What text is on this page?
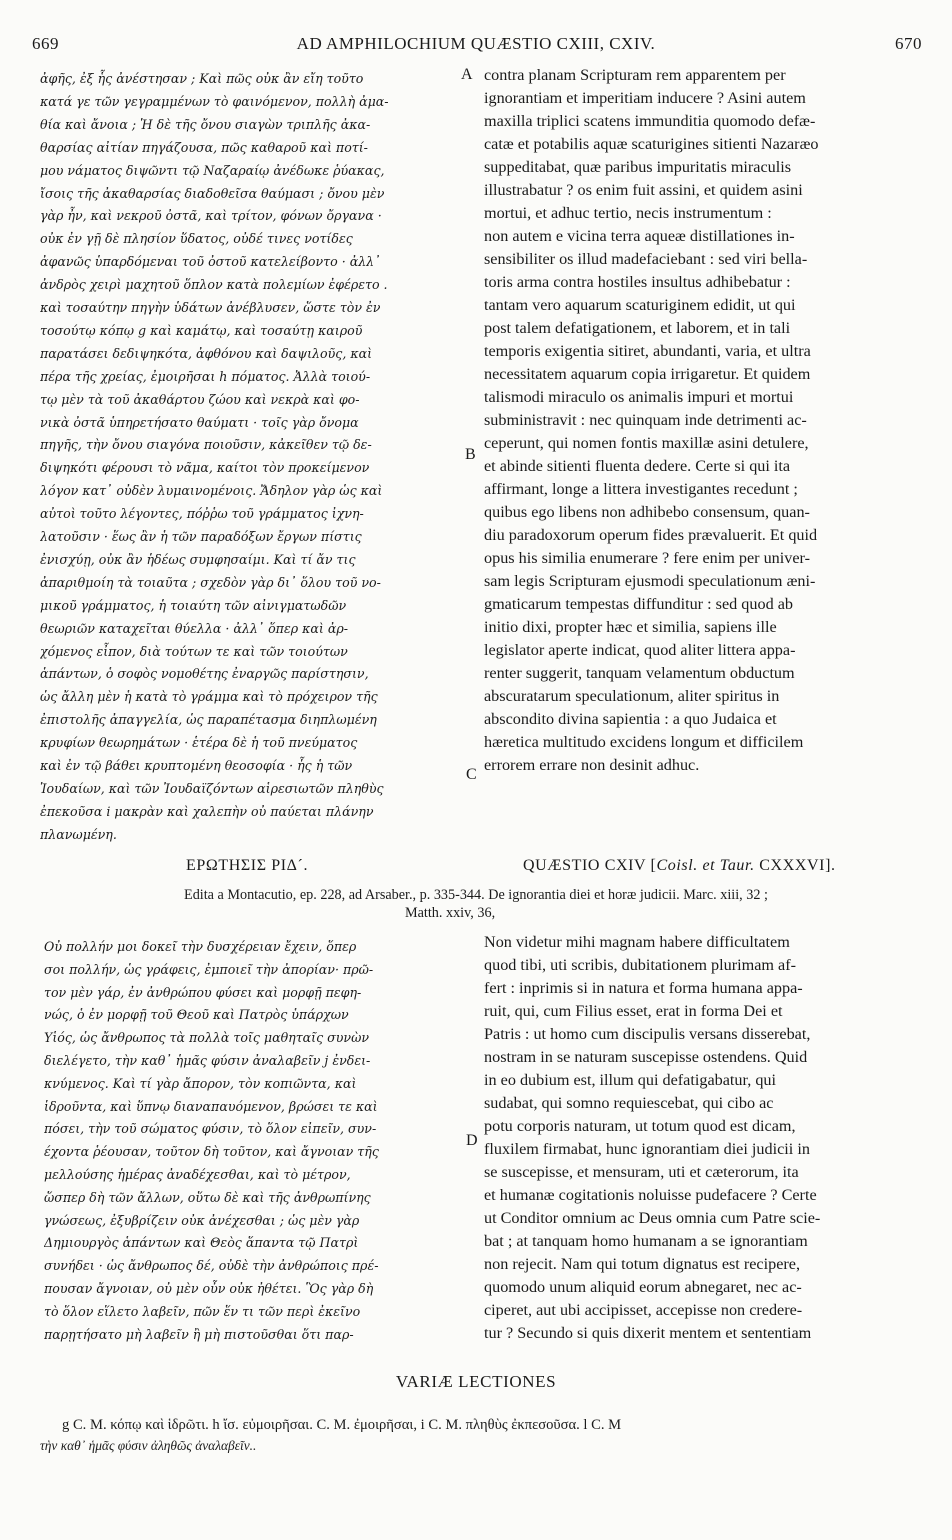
669	AD AMPHILOCHIUM QUÆSTIO CXIII, CXIV.	670
ἀφῆς, ἐξ ἧς ἀνέστησαν ; Καὶ πῶς οὐκ ἂν εἴη τοῦτο
κατά γε τῶν γεγραμμένων τὸ φαινόμενον, πολλὴ ἀμα-
θία καὶ ἄνοια ; Ἡ δὲ τῆς ὄνου σιαγὼν τριπλῆς ἀκα-
θαρσίας αἰτίαν πηγάζουσα, πῶς καθαροῦ καὶ ποτί-
μου νάματος διψῶντι τῷ Ναζαραίῳ ἀνέδωκε ῥύακας,
ἴσοις τῆς ἀκαθαρσίας διαδοθεῖσα θαύμασι ; ὄνου μὲν
γὰρ ἦν, καὶ νεκροῦ ὀστᾶ, καὶ τρίτον, φόνων ὄργανα ·
οὐκ ἐν γῇ δὲ πλησίον ὕδατος, οὐδέ τινες νοτίδες
ἀφανῶς ὑπαρδόμεναι τοῦ ὀστοῦ κατελείβοντο · ἀλλ᾽
ἀνδρὸς χειρὶ μαχητοῦ ὅπλον κατὰ πολεμίων ἐφέρετο .
καὶ τοσαύτην πηγὴν ὑδάτων ἀνέβλυσεν, ὥστε τὸν ἐν
τοσούτῳ κόπῳ g καὶ καμάτῳ, καὶ τοσαύτῃ καιροῦ
παρατάσει δεδιψηκότα, ἀφθόνου καὶ δαψιλοῦς, καὶ
πέρα τῆς χρείας, ἐμοιρῆσαι h πόματος. Ἀλλὰ τοιού-
τῳ μὲν τὰ τοῦ ἀκαθάρτου ζώου καὶ νεκρὰ καὶ φο-
νικὰ ὀστᾶ ὑπηρετήσατο θαύματι · τοῖς γὰρ ὄνομα
πηγῆς, τὴν ὄνου σιαγόνα ποιοῦσιν, κἀκεῖθεν τῷ δε-
διψηκότι φέρουσι τὸ νᾶμα, καίτοι τὸν προκείμενον
λόγον κατ᾽ οὐδὲν λυμαινομένοις. Ἄδηλον γὰρ ὡς καὶ
αὐτοὶ τοῦτο λέγοντες, πόῤῥω τοῦ γράμματος ἰχνη-
λατοῦσιν · ἕως ἂν ἡ τῶν παραδόξων ἔργων πίστις
ἐνισχύῃ, οὐκ ἂν ἡδέως συμφησαίμι. Καὶ τί ἄν τις
ἀπαριθμοίη τὰ τοιαῦτα ; σχεδὸν γὰρ δι᾽ ὅλου τοῦ νο-
μικοῦ γράμματος, ἡ τοιαύτη τῶν αἰνιγματωδῶν
θεωριῶν καταχεῖται θύελλα · ἀλλ᾽ ὅπερ καὶ ἀρ-
χόμενος εἶπον, διὰ τούτων τε καὶ τῶν τοιούτων
ἁπάντων, ὁ σοφὸς νομοθέτης ἐναργῶς παρίστησιν,
ὡς ἄλλη μὲν ἡ κατὰ τὸ γράμμα καὶ τὸ πρόχειρον τῆς
ἐπιστολῆς ἀπαγγελία, ὡς παραπέτασμα διηπλωμένη
κρυφίων θεωρημάτων · ἑτέρα δὲ ἡ τοῦ πνεύματος
καὶ ἐν τῷ βάθει κρυπτομένη θεοσοφία · ἧς ἡ τῶν
Ἰουδαίων, καὶ τῶν Ἰουδαϊζόντων αἱρεσιωτῶν πληθὺς
ἐπεκοῦσα i μακρὰν καὶ χαλεπὴν οὐ παύεται πλάνην
πλανωμένη.
contra planam Scripturam rem apparentem per
ignorantiam et imperitiam inducere ? Asini autem
maxilla triplici scatens immunditia quomodo defæ-
catæ et potabilis aquæ scaturigines sitienti Nazaræo
suppeditabat, quæ paribus impuritatis miraculis
illustrabatur ? os enim fuit assini, et quidem asini
mortui, et adhuc tertio, necis instrumentum :
non autem e vicina terra aqueæ distillationes in-
sensibiliter os illud madefaciebant : sed viri bella-
toris arma contra hostiles insultus adhibebatur :
tantam vero aquarum scaturiginem edidit, ut qui
post talem defatigationem, et laborem, et in tali
temporis exigentia sitiret, abundanti, varia, et ultra
necessitatem aquarum copia irrigaretur. Et quidem
talismodi miraculo os animalis impuri et mortui
subministravit : nec quinquam inde detrimenti ac-
ceperunt, qui nomen fontis maxillæ asini detulere,
et abinde sitienti fluenta dedere. Certe si qui ita
affirmant, longe a littera investigantes recedunt ;
quibus ego libens non adhibebo consensum, quan-
diu paradoxorum operum fides prævaluerit. Et quid
opus his similia enumerare ? fere enim per univer-
sam legis Scripturam ejusmodi speculationum æni-
gmaticarum tempestas diffunditur : sed quod ab
initio dixi, propter hæc et similia, sapiens ille
legislator aperte indicat, quod aliter littera appa-
renter suggerit, tanquam velamentum obductum
abscuratarum speculationum, aliter spiritus in
abscondito divina sapientia : a quo Judaica et
hæretica multitudo excidens longum et difficilem
errorem errare non desinit adhuc.
A
B
C
D
ΕΡΩΤΗΣΙΣ ΡΙΔ´.	QUÆSTIO CXIV [Coisl. et Taur. CXXXVI].
Edita a Montacutio, ep. 228, ad Arsaber., p. 335-344. De ignorantia diei et horæ judicii. Marc. xiii, 32 ;
Matth. xxiv, 36,
Οὐ πολλήν μοι δοκεῖ τὴν δυσχέρειαν ἔχειν, ὅπερ
σοι πολλήν, ὡς γράφεις, ἐμποιεῖ τὴν ἀπορίαν· πρῶ-
τον μὲν γάρ, ἐν ἀνθρώπου φύσει καὶ μορφῇ πεφη-
νώς, ὁ ἐν μορφῇ τοῦ Θεοῦ καὶ Πατρὸς ὑπάρχων
Υἱός, ὡς ἄνθρωπος τὰ πολλὰ τοῖς μαθηταῖς συνὼν
διελέγετο, τὴν καθ᾽ ἡμᾶς φύσιν ἀναλαβεῖν j ἐνδει-
κνύμενος. Καὶ τί γὰρ ἄπορον, τὸν κοπιῶντα, καὶ
ἱδροῦντα, καὶ ὕπνῳ διαναπαυόμενον, βρώσει τε καὶ
πόσει, τὴν τοῦ σώματος φύσιν, τὸ ὅλον εἰπεῖν, συν-
έχοντα ῥέουσαν, τοῦτον δὴ τοῦτον, καὶ ἄγνοιαν τῆς
μελλούσης ἡμέρας ἀναδέχεσθαι, καὶ τὸ μέτρον,
ὥσπερ δὴ τῶν ἄλλων, οὕτω δὲ καὶ τῆς ἀνθρωπίνης
γνώσεως, ἐξυβρίζειν οὐκ ἀνέχεσθαι ; ὡς μὲν γὰρ
Δημιουργὸς ἁπάντων καὶ Θεὸς ἅπαντα τῷ Πατρὶ
συνήδει · ὡς ἄνθρωπος δέ, οὐδὲ τὴν ἀνθρώποις πρέ-
πουσαν ἄγνοιαν, οὐ μὲν οὖν οὐκ ἠθέτει. Ὃς γὰρ δὴ
τὸ ὅλον εἵλετο λαβεῖν, πῶν ἕν τι τῶν περὶ ἐκεῖνο
παρῃτήσατο μὴ λαβεῖν ἢ μὴ πιστοῦσθαι ὅτι παρ-
Non videtur mihi magnam habere difficultatem
quod tibi, uti scribis, dubitationem plurimam af-
fert : inprimis si in natura et forma humana appa-
ruit, qui, cum Filius esset, erat in forma Dei et
Patris : ut homo cum discipulis versans disserebat,
nostram in se naturam suscepisse ostendens. Quid
in eo dubium est, illum qui defatigabatur, qui
sudabat, qui somno requiescebat, qui cibo ac
potu corporis naturam, ut totum quod est dicam,
fluxilem firmabat, hunc ignorantiam diei judicii in
se suscepisse, et mensuram, uti et cæterorum, ita
et humanæ cogitationis noluisse pudefacere ? Certe
ut Conditor omnium ac Deus omnia cum Patre scie-
bat ; at tanquam homo humanam a se ignorantiam
non rejecit. Nam qui totum dignatus est recipere,
quomodo unum aliquid eorum abnegaret, nec ac-
ciperet, aut ubi accipisset, accepisse non credere-
tur ? Secundo si quis dixerit mentem et sententiam
VARIÆ LECTIONES
g C. M. κόπῳ καὶ ἱδρῶτι. h ἴσ. εὐμοιρῆσαι. C. M. ἐμοιρῆσαι, i C. M. πληθὺς ἐκπεσοῦσα. l C. M
τὴν καθ᾽ ἡμᾶς φύσιν ἀληθῶς ἀναλαβεῖν..
